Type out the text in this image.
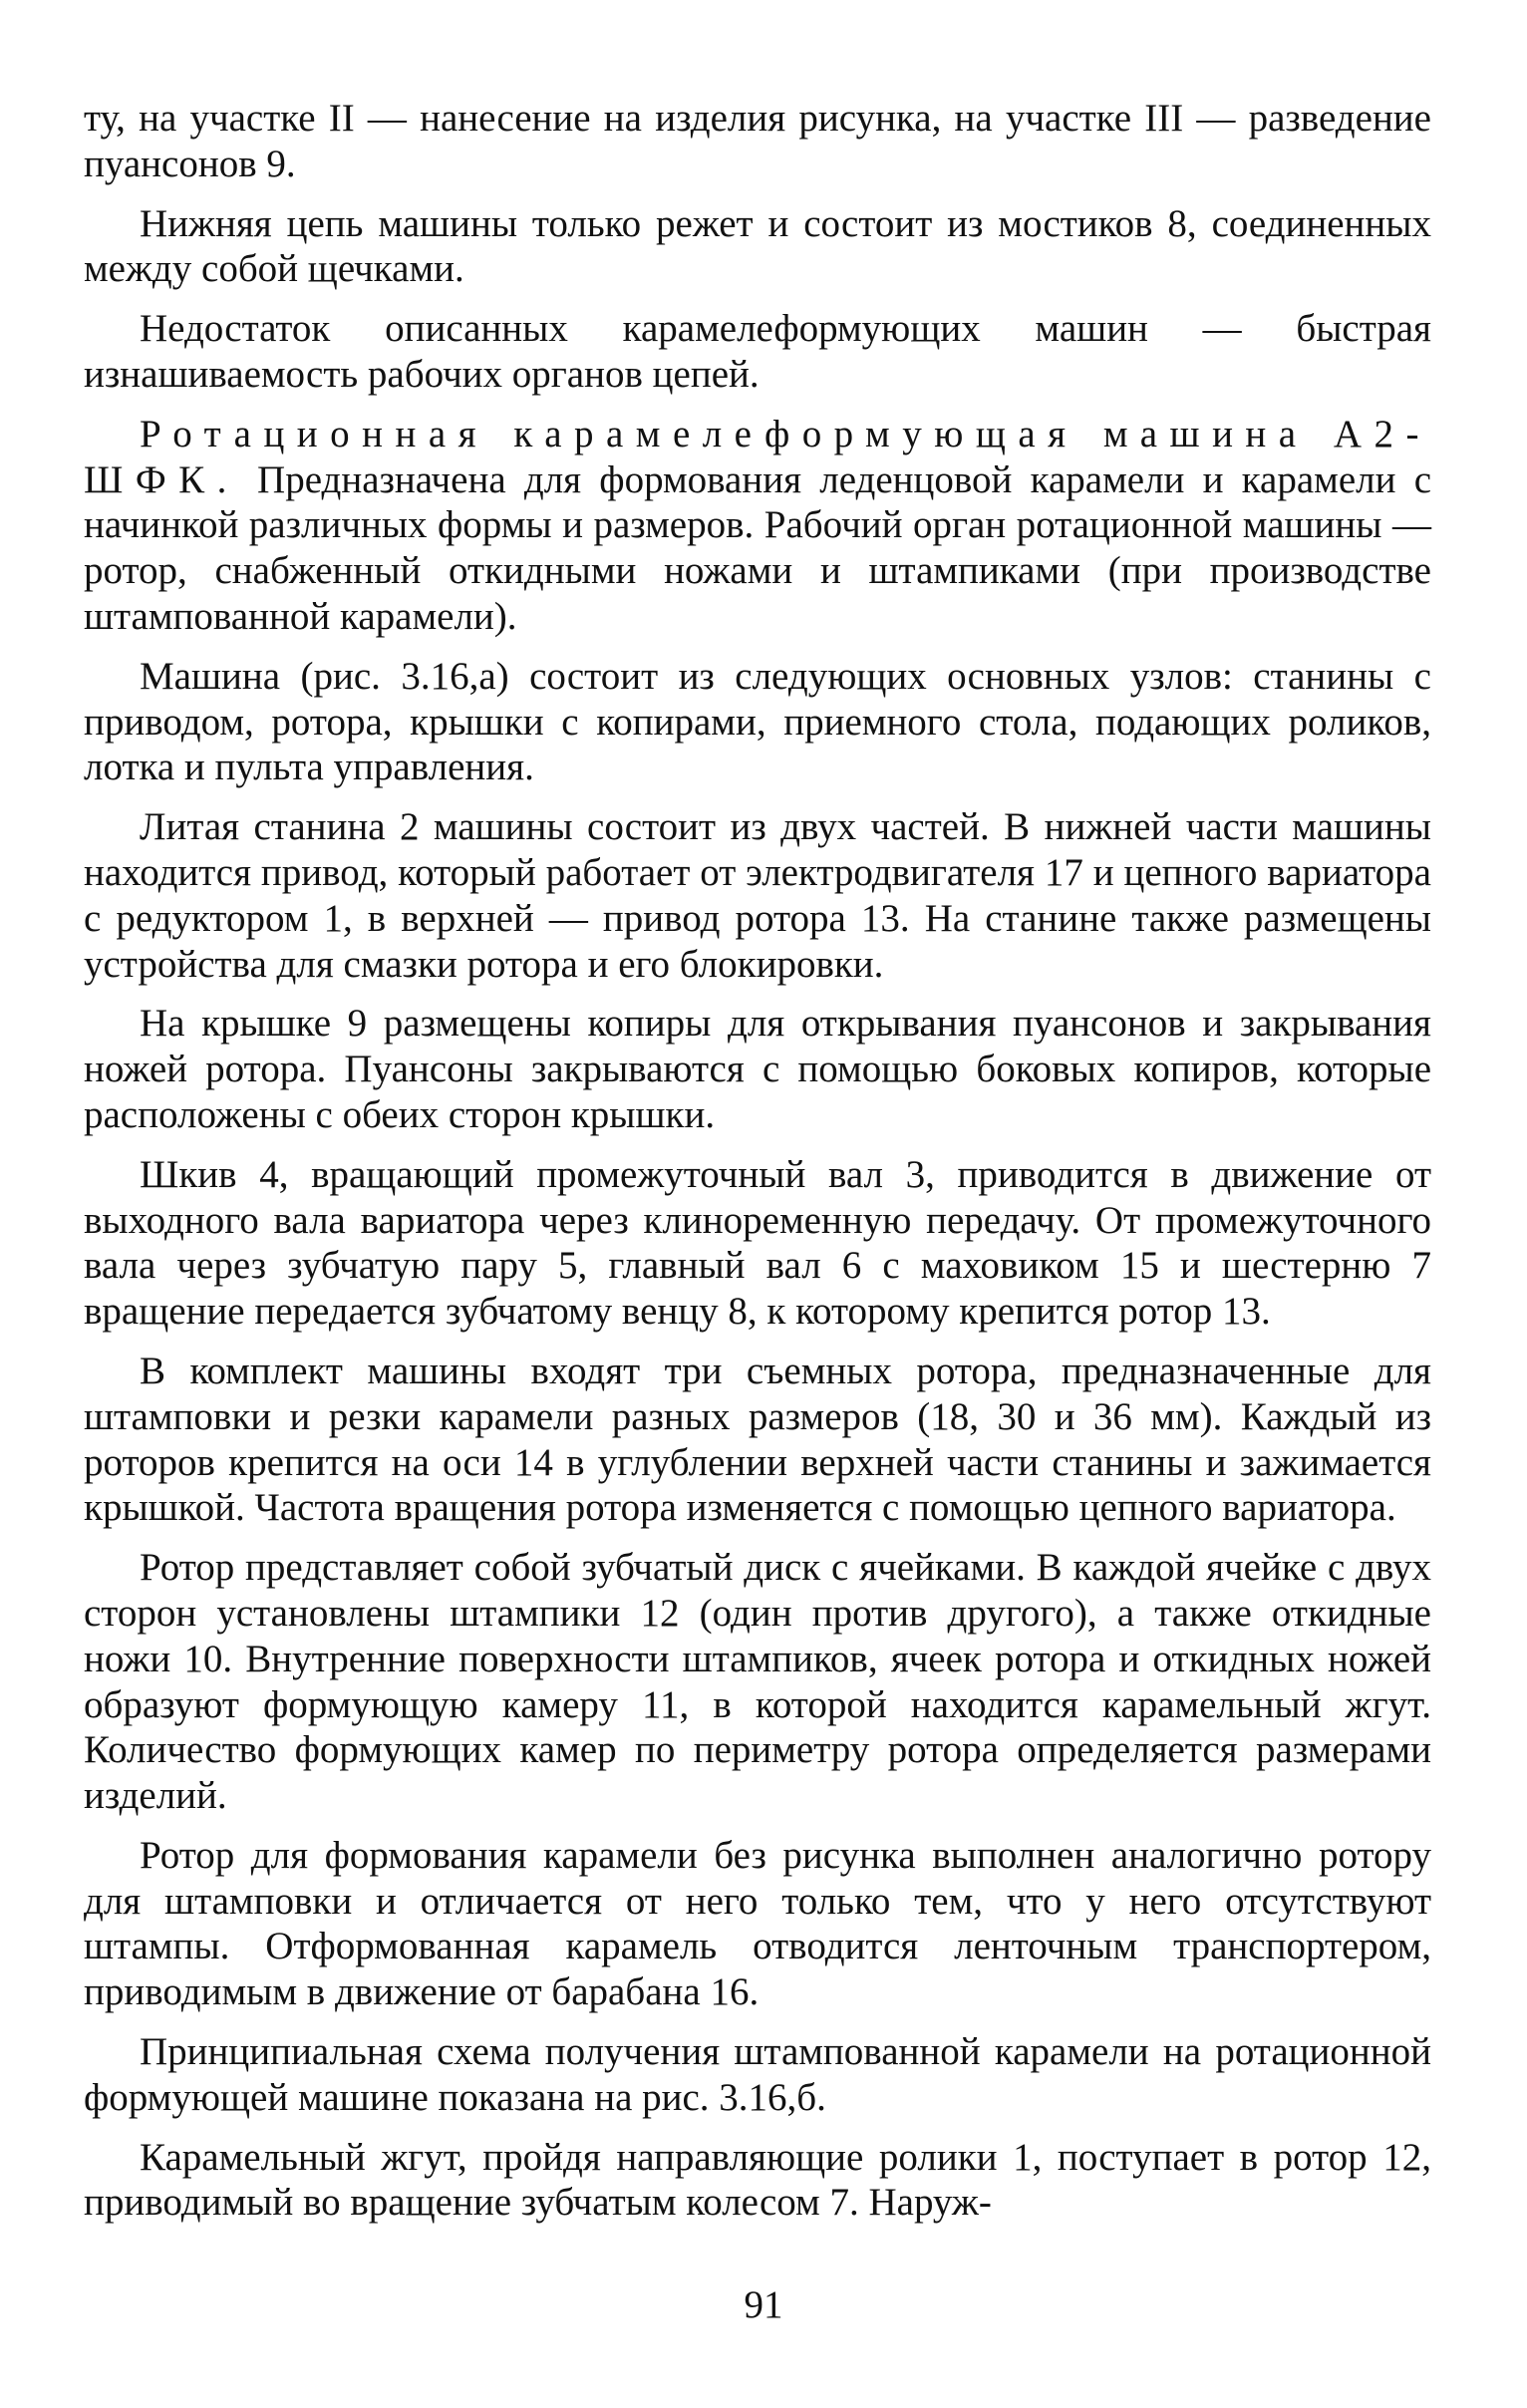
ту, на участке II — нанесение на изделия рисунка, на участке III — разведение пуансонов 9.

Нижняя цепь машины только режет и состоит из мостиков 8, соединенных между собой щечками.

Недостаток описанных карамелеформующих машин — быстрая изнашиваемость рабочих органов цепей.

Ротационная карамелеформующая машина А2-ШФК. Предназначена для формования леденцовой карамели и карамели с начинкой различных формы и размеров. Рабочий орган ротационной машины — ротор, снабженный откидными ножами и штампиками (при производстве штампованной карамели).

Машина (рис. 3.16,а) состоит из следующих основных узлов: станины с приводом, ротора, крышки с копирами, приемного стола, подающих роликов, лотка и пульта управления.

Литая станина 2 машины состоит из двух частей. В нижней части машины находится привод, который работает от электродвигателя 17 и цепного вариатора с редуктором 1, в верхней — привод ротора 13. На станине также размещены устройства для смазки ротора и его блокировки.

На крышке 9 размещены копиры для открывания пуансонов и закрывания ножей ротора. Пуансоны закрываются с помощью боковых копиров, которые расположены с обеих сторон крышки.

Шкив 4, вращающий промежуточный вал 3, приводится в движение от выходного вала вариатора через клиноременную передачу. От промежуточного вала через зубчатую пару 5, главный вал 6 с маховиком 15 и шестерню 7 вращение передается зубчатому венцу 8, к которому крепится ротор 13.

В комплект машины входят три съемных ротора, предназначенные для штамповки и резки карамели разных размеров (18, 30 и 36 мм). Каждый из роторов крепится на оси 14 в углублении верхней части станины и зажимается крышкой. Частота вращения ротора изменяется с помощью цепного вариатора.

Ротор представляет собой зубчатый диск с ячейками. В каждой ячейке с двух сторон установлены штампики 12 (один против другого), а также откидные ножи 10. Внутренние поверхности штампиков, ячеек ротора и откидных ножей образуют формующую камеру 11, в которой находится карамельный жгут. Количество формующих камер по периметру ротора определяется размерами изделий.

Ротор для формования карамели без рисунка выполнен аналогично ротору для штамповки и отличается от него только тем, что у него отсутствуют штампы. Отформованная карамель отводится ленточным транспортером, приводимым в движение от барабана 16.

Принципиальная схема получения штампованной карамели на ротационной формующей машине показана на рис. 3.16,б.

Карамельный жгут, пройдя направляющие ролики 1, поступает в ротор 12, приводимый во вращение зубчатым колесом 7. Наруж-

91
